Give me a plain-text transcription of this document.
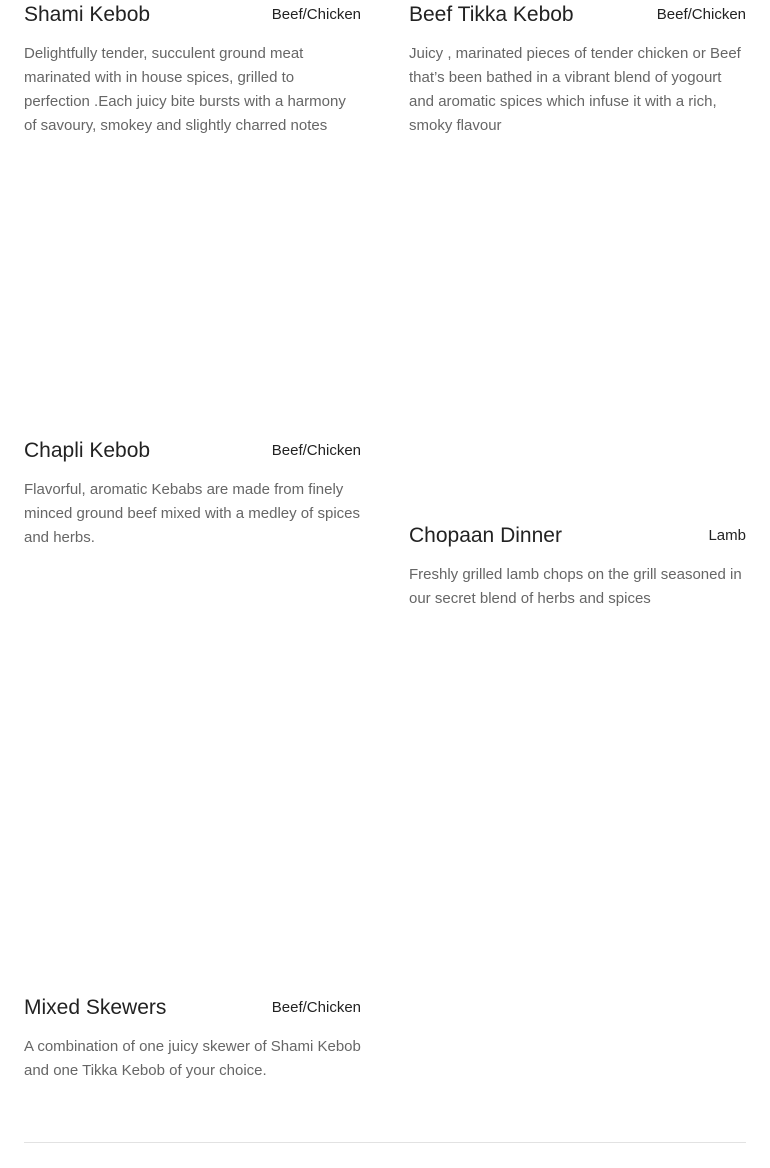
Shami Kebob	Beef/Chicken

Delightfully tender, succulent ground meat marinated with in house spices, grilled to perfection .Each juicy bite bursts with a harmony of savoury, smokey and slightly charred notes

Beef Tikka Kebob	Beef/Chicken

Juicy , marinated pieces of tender chicken or Beef that’s been bathed in a vibrant blend of yogourt and aromatic spices which infuse it with a rich, smoky flavour

Chapli Kebob	Beef/Chicken

Flavorful, aromatic Kebabs are made from finely minced ground beef mixed with a medley of spices and herbs.	Chopaan Dinner	Lamb

Freshly grilled lamb chops on the grill seasoned in our secret blend of herbs and spices

Mixed Skewers	Beef/Chicken

A combination of one juicy skewer of Shami Kebob and one Tikka Kebob of your choice.
